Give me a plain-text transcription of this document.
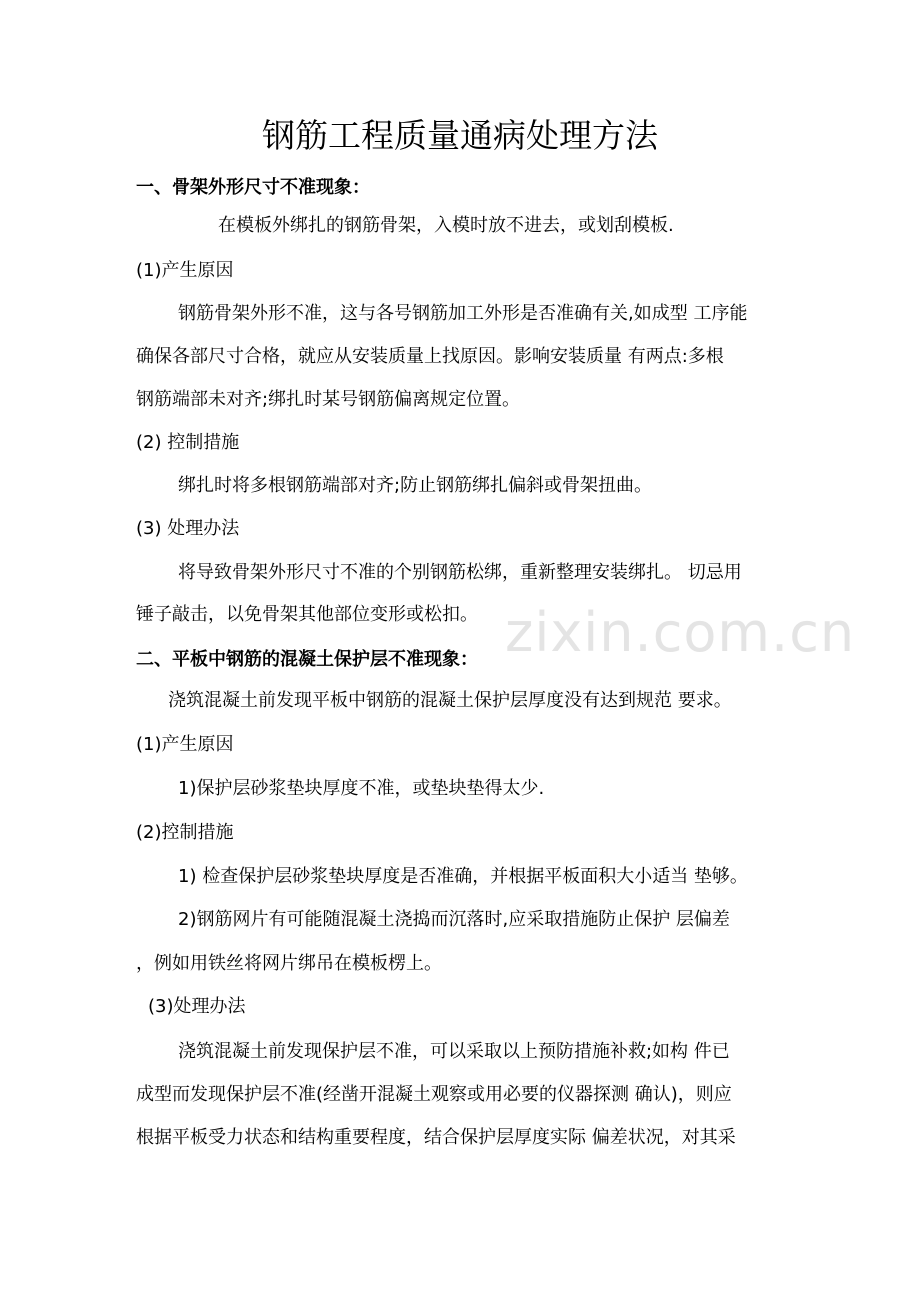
zixin.com.cn
钢筋工程质量通病处理方法
一、骨架外形尺寸不准现象：
在模板外绑扎的钢筋骨架，入模时放不进去，或划刮模板.
(1)产生原因
钢筋骨架外形不准，这与各号钢筋加工外形是否准确有关,如成型 工序能
确保各部尺寸合格，就应从安装质量上找原因。影响安装质量 有两点:多根
钢筋端部未对齐;绑扎时某号钢筋偏离规定位置。
(2) 控制措施
绑扎时将多根钢筋端部对齐;防止钢筋绑扎偏斜或骨架扭曲。
(3) 处理办法
将导致骨架外形尺寸不准的个别钢筋松绑，重新整理安装绑扎。 切忌用
锤子敲击，以免骨架其他部位变形或松扣。
二、平板中钢筋的混凝土保护层不准现象：
浇筑混凝土前发现平板中钢筋的混凝土保护层厚度没有达到规范 要求。
(1)产生原因
1)保护层砂浆垫块厚度不准，或垫块垫得太少.
(2)控制措施
1) 检查保护层砂浆垫块厚度是否准确，并根据平板面积大小适当 垫够。
2)钢筋网片有可能随混凝土浇捣而沉落时,应采取措施防止保护 层偏差
，例如用铁丝将网片绑吊在模板楞上。
(3)处理办法
浇筑混凝土前发现保护层不准，可以采取以上预防措施补救;如构 件已
成型而发现保护层不准(经凿开混凝土观察或用必要的仪器探测 确认)，则应
根据平板受力状态和结构重要程度，结合保护层厚度实际 偏差状况，对其采
